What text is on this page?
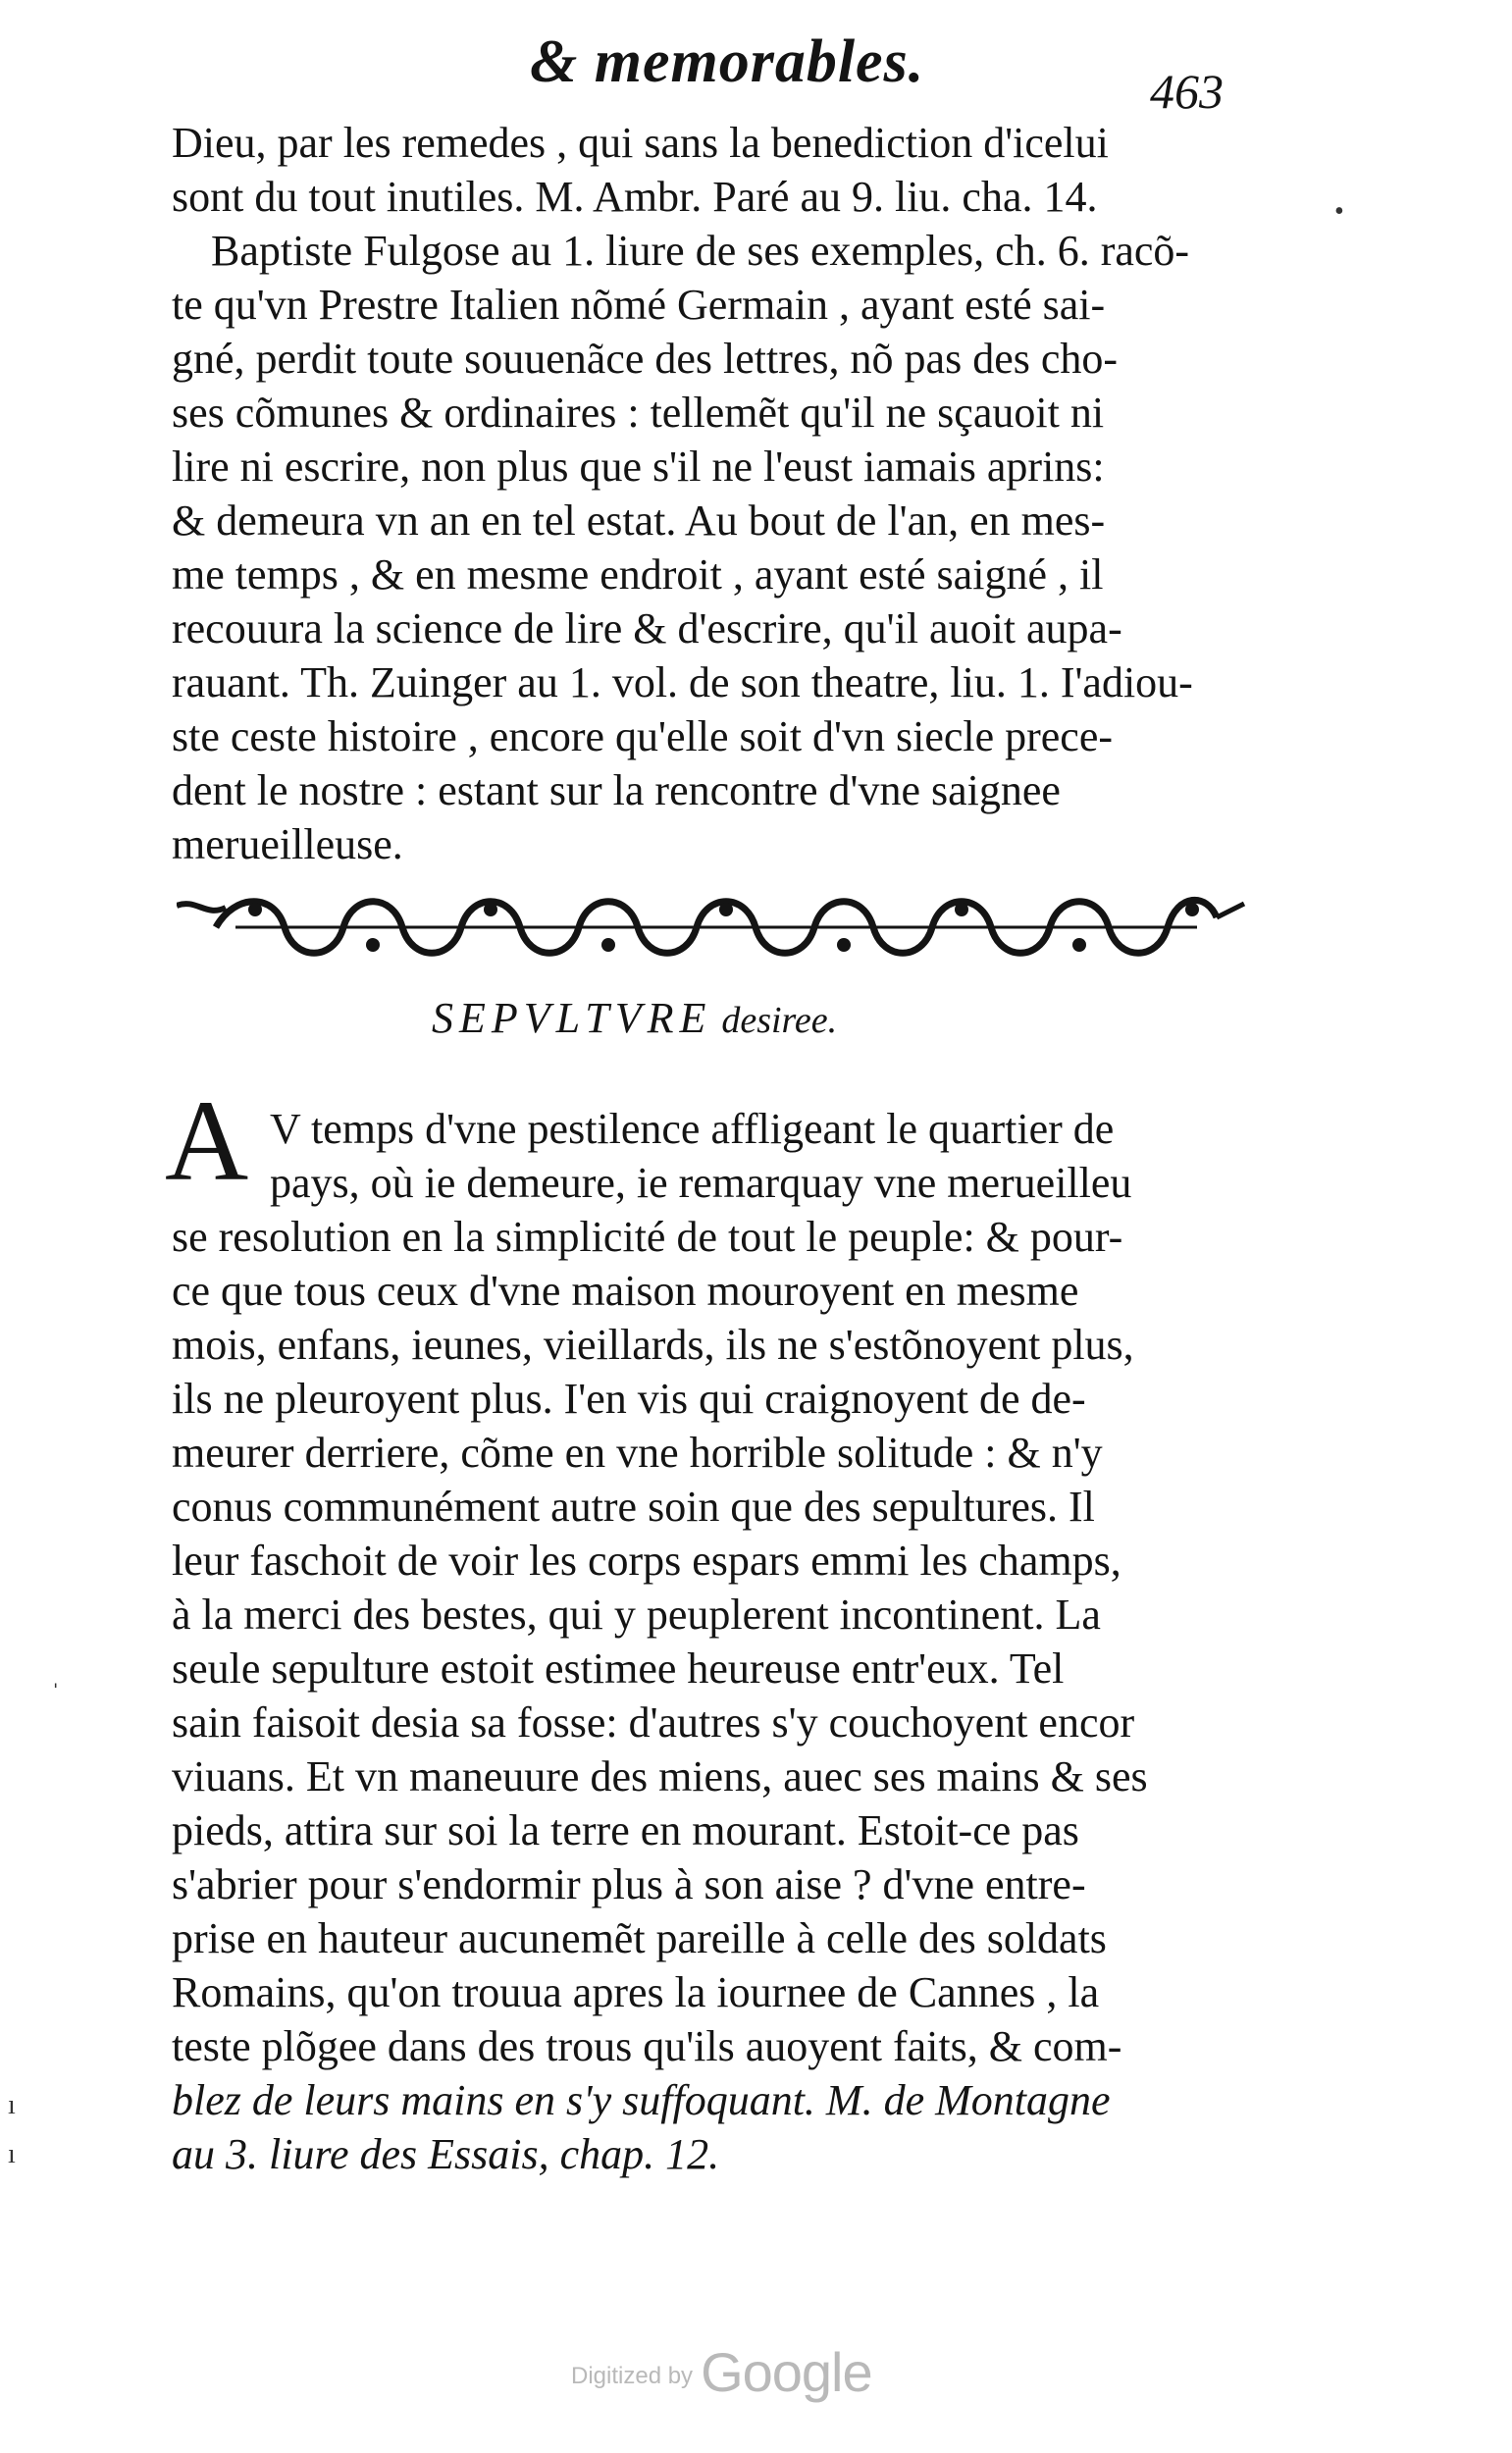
& memorables.	463
Dieu, par les remedes , qui sans la benediction d'icelui
sont du tout inutiles. M. Ambr. Paré au 9. liu. cha. 14.
Baptiste Fulgose au 1. liure de ses exemples, ch. 6. racõ-
te qu'vn Prestre Italien nõmé Germain , ayant esté sai-
gné, perdit toute souuenãce des lettres, nõ pas des cho-
ses cõmunes & ordinaires : tellemẽt qu'il ne sçauoit ni
lire ni escrire, non plus que s'il ne l'eust iamais aprins:
& demeura vn an en tel estat. Au bout de l'an, en mes-
me temps , & en mesme endroit , ayant esté saigné , il
recouura la science de lire & d'escrire, qu'il auoit aupa-
rauant. Th. Zuinger au 1. vol. de son theatre, liu. 1. I'adiou-
ste ceste histoire , encore qu'elle soit d'vn siecle prece-
dent le nostre : estant sur la rencontre d'vne saignee
merueilleuse.
SEPVLTVRE desiree.
A V temps d'vne pestilence affligeant le quartier de
pays, où ie demeure, ie remarquay vne merueilleu
se resolution en la simplicité de tout le peuple: & pour-
ce que tous ceux d'vne maison mouroyent en mesme
mois, enfans, ieunes, vieillards, ils ne s'estõnoyent plus,
ils ne pleuroyent plus. I'en vis qui craignoyent de de-
meurer derriere, cõme en vne horrible solitude : & n'y
conus communément autre soin que des sepultures. Il
leur faschoit de voir les corps espars emmi les champs,
à la merci des bestes, qui y peuplerent incontinent. La
seule sepulture estoit estimee heureuse entr'eux. Tel
sain faisoit desia sa fosse: d'autres s'y couchoyent encor
viuans. Et vn maneuure des miens, auec ses mains & ses
pieds, attira sur soi la terre en mourant. Estoit-ce pas
s'abrier pour s'endormir plus à son aise ? d'vne entre-
prise en hauteur aucunemẽt pareille à celle des soldats
Romains, qu'on trouua apres la iournee de Cannes , la
teste plõgee dans des trous qu'ils auoyent faits, & com-
blez de leurs mains en s'y suffoquant. M. de Montagne
au 3. liure des Essais, chap. 12.
•
ˌ
ı
ı
Digitized by Google
